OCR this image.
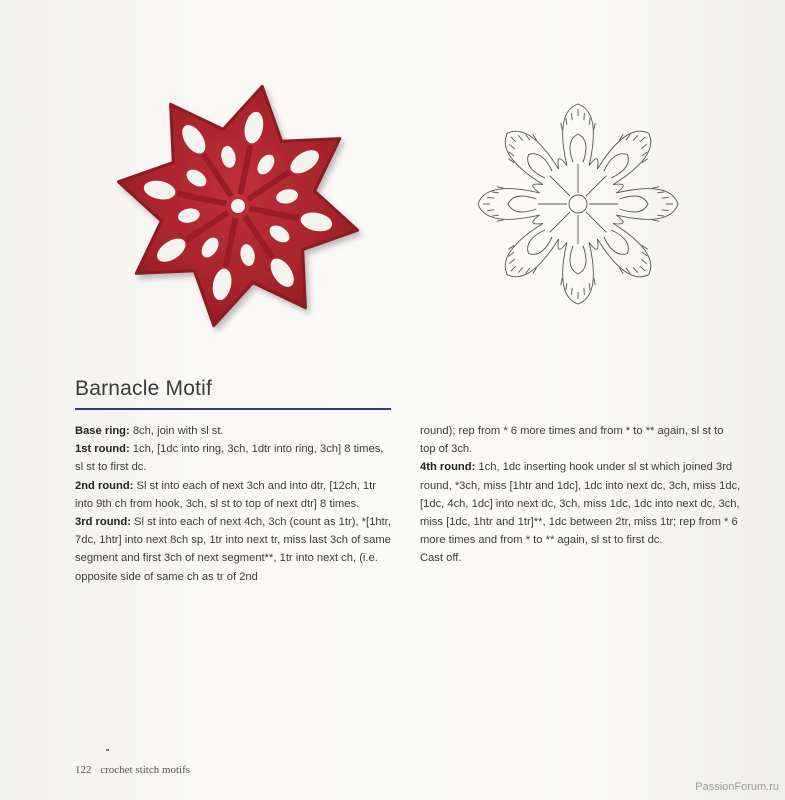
Barnacle Motif

Base ring: 8ch, join with sl st.

1st round: 1ch, [1dc into ring, 3ch, 1dtr into ring, 3ch] 8 times, sl st to first dc.

2nd round: Sl st into each of next 3ch and into dtr, [12ch, 1tr into 9th ch from hook, 3ch, sl st to top of next dtr] 8 times.

3rd round: Sl st into each of next 4ch, 3ch (count as 1tr), *[1htr, 7dc, 1htr] into next 8ch sp, 1tr into next tr, miss last 3ch of same segment and first 3ch of next segment**, 1tr into next ch, (i.e. opposite side of same ch as tr of 2nd

round); rep from * 6 more times and from * to ** again, sl st to top of 3ch.

4th round: 1ch, 1dc inserting hook under sl st which joined 3rd round, *3ch, miss [1htr and 1dc], 1dc into next dc, 3ch, miss 1dc, [1dc, 4ch, 1dc] into next dc, 3ch, miss 1dc, 1dc into next dc, 3ch, miss [1dc, 1htr and 1tr]**, 1dc between 2tr, miss 1tr; rep from * 6 more times and from * to ** again, sl st to first dc.

Cast off.

122 crochet stitch motifs
PassionForum.ru
